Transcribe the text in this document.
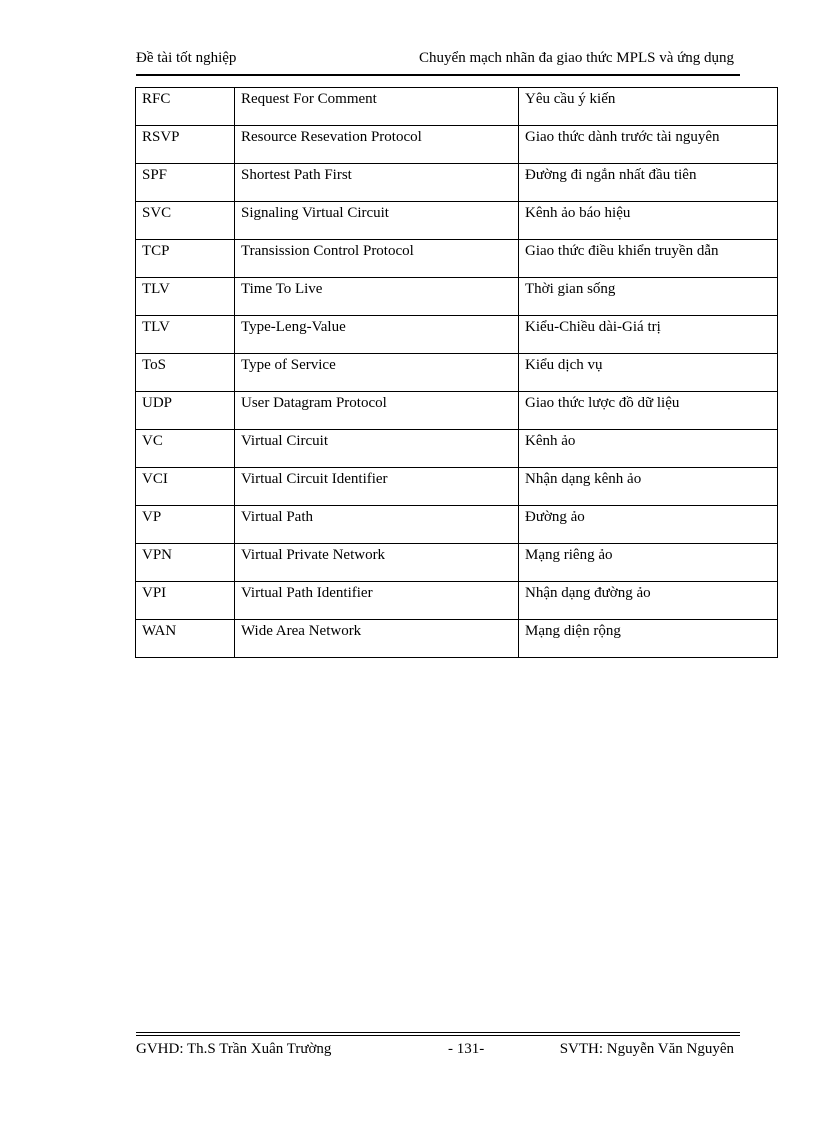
Đề tài tốt nghiệp	Chuyển mạch nhãn đa giao thức MPLS và ứng dụng
RFC	Request For Comment	Yêu cầu ý kiến
RSVP	Resource Resevation Protocol	Giao thức dành trước tài nguyên
SPF	Shortest Path First	Đường đi ngắn nhất đầu tiên
SVC	Signaling Virtual Circuit	Kênh ảo báo hiệu
TCP	Transission Control Protocol	Giao thức điều khiển truyền dẫn
TLV	Time To Live	Thời gian sống
TLV	Type-Leng-Value	Kiểu-Chiều dài-Giá trị
ToS	Type of Service	Kiểu dịch vụ
UDP	User Datagram Protocol	Giao thức lược đồ dữ liệu
VC	Virtual Circuit	Kênh ảo
VCI	Virtual Circuit Identifier	Nhận dạng kênh ảo
VP	Virtual Path	Đường ảo
VPN	Virtual Private Network	Mạng riêng ảo
VPI	Virtual Path Identifier	Nhận dạng đường ảo
WAN	Wide Area Network	Mạng diện rộng
GVHD: Th.S Trần Xuân Trường	- 131-	SVTH: Nguyễn Văn Nguyên
